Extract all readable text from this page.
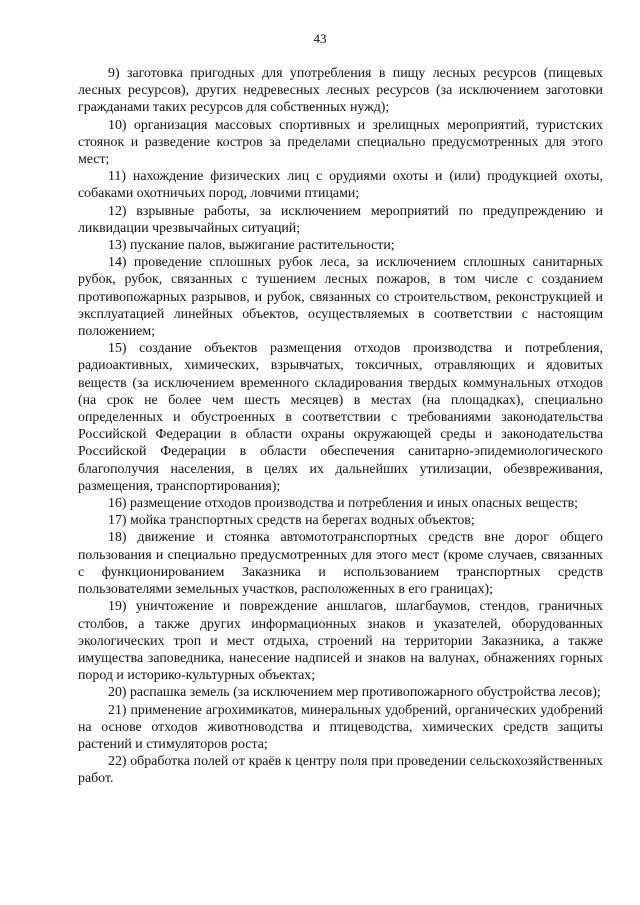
43

9) заготовка пригодных для употребления в пищу лесных ресурсов (пищевых лесных ресурсов), других недревесных лесных ресурсов (за исключением заготовки гражданами таких ресурсов для собственных нужд);

10) организация массовых спортивных и зрелищных мероприятий, туристских стоянок и разведение костров за пределами специально предусмотренных для этого мест;

11) нахождение физических лиц с орудиями охоты и (или) продукцией охоты, собаками охотничьих пород, ловчими птицами;

12) взрывные работы, за исключением мероприятий по предупреждению и ликвидации чрезвычайных ситуаций;

13) пускание палов, выжигание растительности;

14) проведение сплошных рубок леса, за исключением сплошных санитарных рубок, рубок, связанных с тушением лесных пожаров, в том числе с созданием противопожарных разрывов, и рубок, связанных со строительством, реконструкцией и эксплуатацией линейных объектов, осуществляемых в соответствии с настоящим положением;

15) создание объектов размещения отходов производства и потребления, радиоактивных, химических, взрывчатых, токсичных, отравляющих и ядовитых веществ (за исключением временного складирования твердых коммунальных отходов (на срок не более чем шесть месяцев) в местах (на площадках), специально определенных и обустроенных в соответствии с требованиями законодательства Российской Федерации в области охраны окружающей среды и законодательства Российской Федерации в области обеспечения санитарно-эпидемиологического благополучия населения, в целях их дальнейших утилизации, обезвреживания, размещения, транспортирования);

16) размещение отходов производства и потребления и иных опасных веществ;

17) мойка транспортных средств на берегах водных объектов;

18) движение и стоянка автомототранспортных средств вне дорог общего пользования и специально предусмотренных для этого мест (кроме случаев, связанных с функционированием Заказника и использованием транспортных средств пользователями земельных участков, расположенных в его границах);

19) уничтожение и повреждение аншлагов, шлагбаумов, стендов, граничных столбов, а также других информационных знаков и указателей, оборудованных экологических троп и мест отдыха, строений на территории Заказника, а также имущества заповедника, нанесение надписей и знаков на валунах, обнажениях горных пород и историко-культурных объектах;

20) распашка земель (за исключением мер противопожарного обустройства лесов);

21) применение агрохимикатов, минеральных удобрений, органических удобрений на основе отходов животноводства и птицеводства, химических средств защиты растений и стимуляторов роста;

22) обработка полей от краёв к центру поля при проведении сельскохозяйственных работ.
